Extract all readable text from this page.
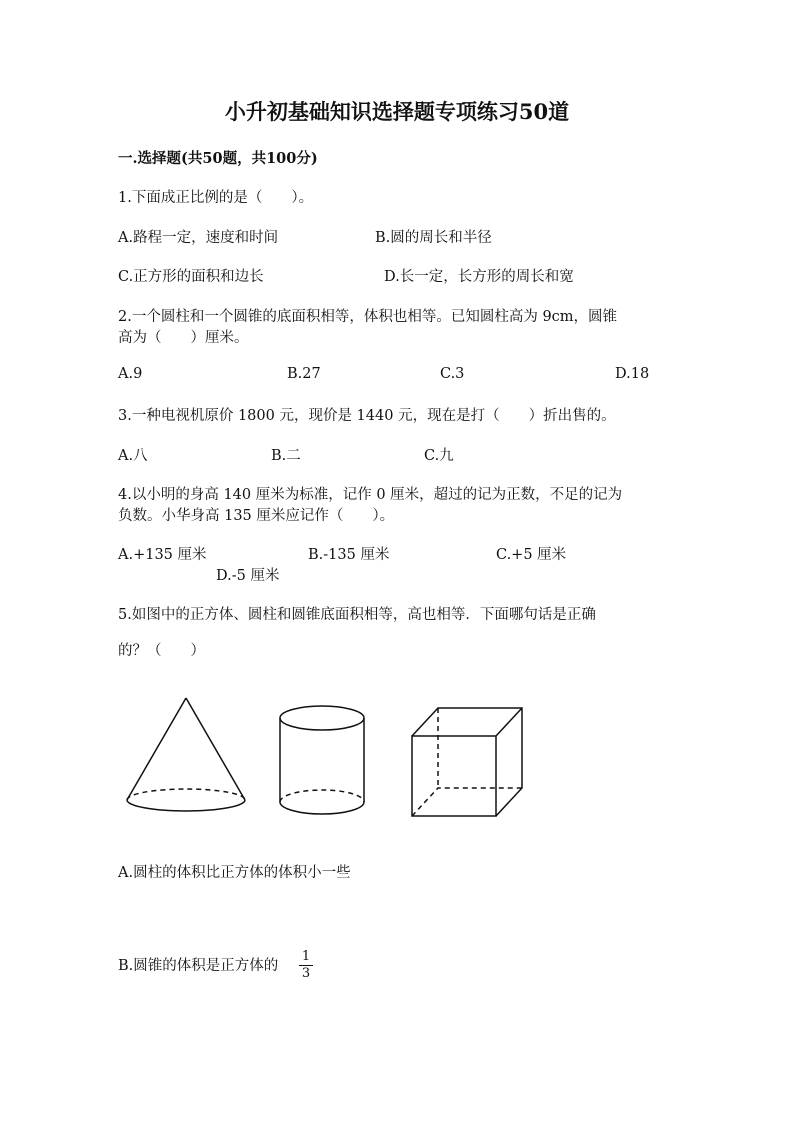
小升初基础知识选择题专项练习50道
一.选择题(共50题，共100分)
1.下面成正比例的是（　　）。
A.路程一定，速度和时间	B.圆的周长和半径
C.正方形的面积和边长	D.长一定，长方形的周长和宽
2.一个圆柱和一个圆锥的底面积相等，体积也相等。已知圆柱高为 9cm，圆锥
高为（　　）厘米。
A.9	B.27	C.3	D.18
3.一种电视机原价 1800 元，现价是 1440 元，现在是打（　　）折出售的。
A.八	B.二	C.九
4.以小明的身高 140 厘米为标准，记作 0 厘米，超过的记为正数，不足的记为
负数。小华身高 135 厘米应记作（　　）。
A.+135 厘米	B.-135 厘米	C.+5 厘米
D.-5 厘米
5.如图中的正方体、圆柱和圆锥底面积相等，高也相等．下面哪句话是正确
的？（　　）
A.圆柱的体积比正方体的体积小一些
B.圆锥的体积是正方体的 $\frac{1}{3}$
